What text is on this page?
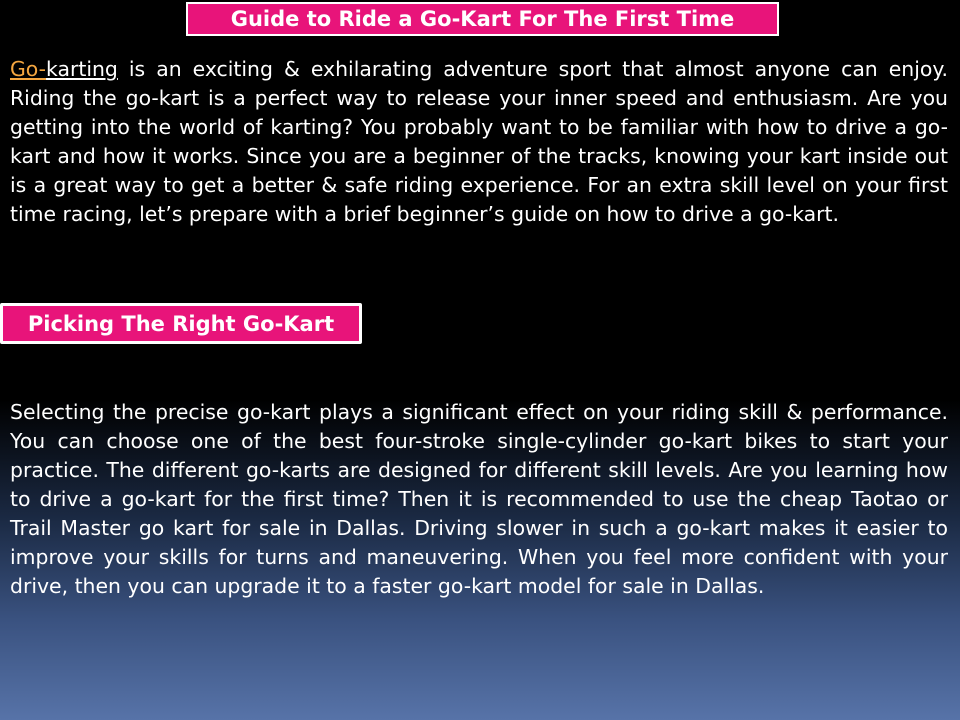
Guide to Ride a Go-Kart For The First Time

Go-karting is an exciting & exhilarating adventure sport that almost anyone can enjoy. Riding the go-kart is a perfect way to release your inner speed and enthusiasm. Are you getting into the world of karting? You probably want to be familiar with how to drive a go-kart and how it works. Since you are a beginner of the tracks, knowing your kart inside out is a great way to get a better & safe riding experience. For an extra skill level on your first time racing, let’s prepare with a brief beginner’s guide on how to drive a go-kart.

Picking The Right Go-Kart

Selecting the precise go-kart plays a significant effect on your riding skill & performance. You can choose one of the best four-stroke single-cylinder go-kart bikes to start your practice. The different go-karts are designed for different skill levels. Are you learning how to drive a go-kart for the first time? Then it is recommended to use the cheap Taotao or Trail Master go kart for sale in Dallas. Driving slower in such a go-kart makes it easier to improve your skills for turns and maneuvering. When you feel more confident with your drive, then you can upgrade it to a faster go-kart model for sale in Dallas.
